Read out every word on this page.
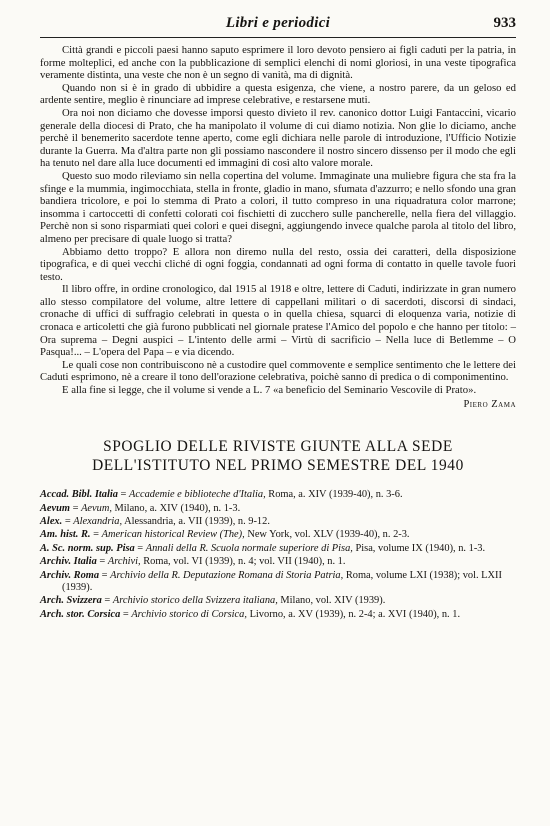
Libri e periodici	933

Città grandi e piccoli paesi hanno saputo esprimere il loro devoto pensiero ai figli caduti per la patria, in forme molteplici, ed anche con la pubblicazione di semplici elenchi di nomi gloriosi, in una veste tipografica veramente distinta, una veste che non è un segno di vanità, ma di dignità.

Quando non si è in grado di ubbidire a questa esigenza, che viene, a nostro parere, da un geloso ed ardente sentire, meglio è rinunciare ad imprese celebrative, e restarsene muti.

Ora noi non diciamo che dovesse imporsi questo divieto il rev. canonico dottor Luigi Fantaccini, vicario generale della diocesi di Prato, che ha manipolato il volume di cui diamo notizia. Non glie lo diciamo, anche perchè il benemerito sacerdote tenne aperto, come egli dichiara nelle parole di introduzione, l'Ufficio Notizie durante la Guerra. Ma d'altra parte non gli possiamo nascondere il nostro sincero dissenso per il modo che egli ha tenuto nel dare alla luce documenti ed immagini di così alto valore morale.

Questo suo modo rileviamo sin nella copertina del volume. Immaginate una muliebre figura che sta fra la sfinge e la mummia, ingimocchiata, stella in fronte, gladio in mano, sfumata d'azzurro; e nello sfondo una gran bandiera tricolore, e poi lo stemma di Prato a colori, il tutto compreso in una riquadratura color marrone; insomma i cartoccetti di confetti colorati coi fischietti di zucchero sulle pancherelle, nella fiera del villaggio. Perchè non si sono risparmiati quei colori e quei disegni, aggiungendo invece qualche parola al titolo del libro, almeno per precisare di quale luogo si tratta?

Abbiamo detto troppo? E allora non diremo nulla del resto, ossia dei caratteri, della disposizione tipografica, e di quei vecchi cliché di ogni foggia, condannati ad ogni forma di contatto in quelle tavole fuori testo.

Il libro offre, in ordine cronologico, dal 1915 al 1918 e oltre, lettere di Caduti, indirizzate in gran numero allo stesso compilatore del volume, altre lettere di cappellani militari o di sacerdoti, discorsi di sindaci, cronache di uffici di suffragio celebrati in questa o in quella chiesa, squarci di eloquenza varia, notizie di cronaca e articoletti che già furono pubblicati nel giornale pratese l'Amico del popolo e che hanno per titolo: – Ora suprema – Degni auspici – L'intento delle armi – Virtù di sacrificio – Nella luce di Betlemme – O Pasqua!... – L'opera del Papa – e via dicendo.

Le quali cose non contribuiscono nè a custodire quel commovente e semplice sentimento che le lettere dei Caduti esprimono, nè a creare il tono dell'orazione celebrativa, poichè sanno di predica o di componimentino.

E alla fine si legge, che il volume si vende a L. 7 «a beneficio del Seminario Vescovile di Prato».

Piero Zama
SPOGLIO DELLE RIVISTE GIUNTE ALLA SEDE
DELL'ISTITUTO NEL PRIMO SEMESTRE DEL 1940
Accad. Bibl. Italia = Accademie e biblioteche d'Italia, Roma, a. XIV (1939-40), n. 3-6.
Aevum = Aevum, Milano, a. XIV (1940), n. 1-3.
Alex. = Alexandria, Alessandria, a. VII (1939), n. 9-12.
Am. hist. R. = American historical Review (The), New York, vol. XLV (1939-40), n. 2-3.
A. Sc. norm. sup. Pisa = Annali della R. Scuola normale superiore di Pisa, Pisa, volume IX (1940), n. 1-3.
Archiv. Italia = Archivi, Roma, vol. VI (1939), n. 4; vol. VII (1940), n. 1.
Archiv. Roma = Archivio della R. Deputazione Romana di Storia Patria, Roma, volume LXI (1938); vol. LXII (1939).
Arch. Svizzera = Archivio storico della Svizzera italiana, Milano, vol. XIV (1939).
Arch. stor. Corsica = Archivio storico di Corsica, Livorno, a. XV (1939), n. 2-4; a. XVI (1940), n. 1.
